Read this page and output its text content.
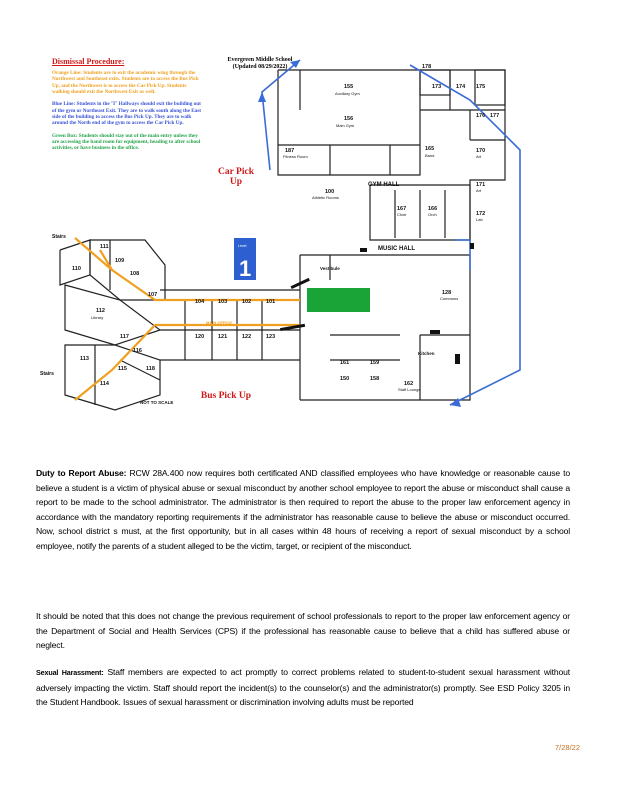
155
Auxiliary Gym
156
Main Gym
187
Fitness Room
100
Athletic Rooms
165
Band
167
Choir
166
Orch
170
Art
171
Art
172
Lab
173	174 175
176 177
178
111
109
110
108
107
112
Library
117
116
113
115
114
118
104	103	102	101
120	121	122	123
MAIN OFFICE
162
Staff Lounge
161	159
158
150
128
Commons
Kitchen
Vestibule
Stairs
Stairs
NOT TO SCALE
GYM HALL
MUSIC HALL
Level
1
Dismissal Procedure:

Orange Line: Students are to exit the academic wing through the Northwest and Southeast exits. Students are to access the Bus Pick Up, and the Northwest is to access the Car Pick Up. Students walking should exit the Northwest Exit as well.

Blue Line: Students in the 'T' Hallways should exit the building out of the gym or Northeast Exit. They are to walk south along the East side of the building to access the Bus Pick Up. They are to walk around the North end of the gym to access the Car Pick Up.

Green Box: Students should stay out of the main entry unless they are accessing the band room for equipment, heading to after school activities, or have business in the office.

Evergreen Middle School
(Updated 08/29/2022)
Car Pick Up
Bus Pick Up
Duty to Report Abuse: RCW 28A.400 now requires both certificated AND classified employees who have knowledge or reasonable cause to believe a student is a victim of physical abuse or sexual misconduct by another school employee to report the abuse or misconduct shall cause a report to be made to the school administrator. The administrator is then required to report the abuse to the proper law enforcement agency in accordance with the mandatory reporting requirements if the administrator has reasonable cause to believe the abuse or misconduct occurred. Now, school district s must, at the first opportunity, but in all cases within 48 hours of receiving a report of sexual misconduct by a school employee, notify the parents of a student alleged to be the victim, target, or recipient of the misconduct.
It should be noted that this does not change the previous requirement of school professionals to report to the proper law enforcement agency or the Department of Social and Health Services (CPS) if the professional has reasonable cause to believe that a child has suffered abuse or neglect.
Sexual Harassment: Staff members are expected to act promptly to correct problems related to student-to-student sexual harassment without adversely impacting the victim. Staff should report the incident(s) to the counselor(s) and the administrator(s) promptly. See ESD Policy 3205 in the Student Handbook. Issues of sexual harassment or discrimination involving adults must be reported
7/28/22
